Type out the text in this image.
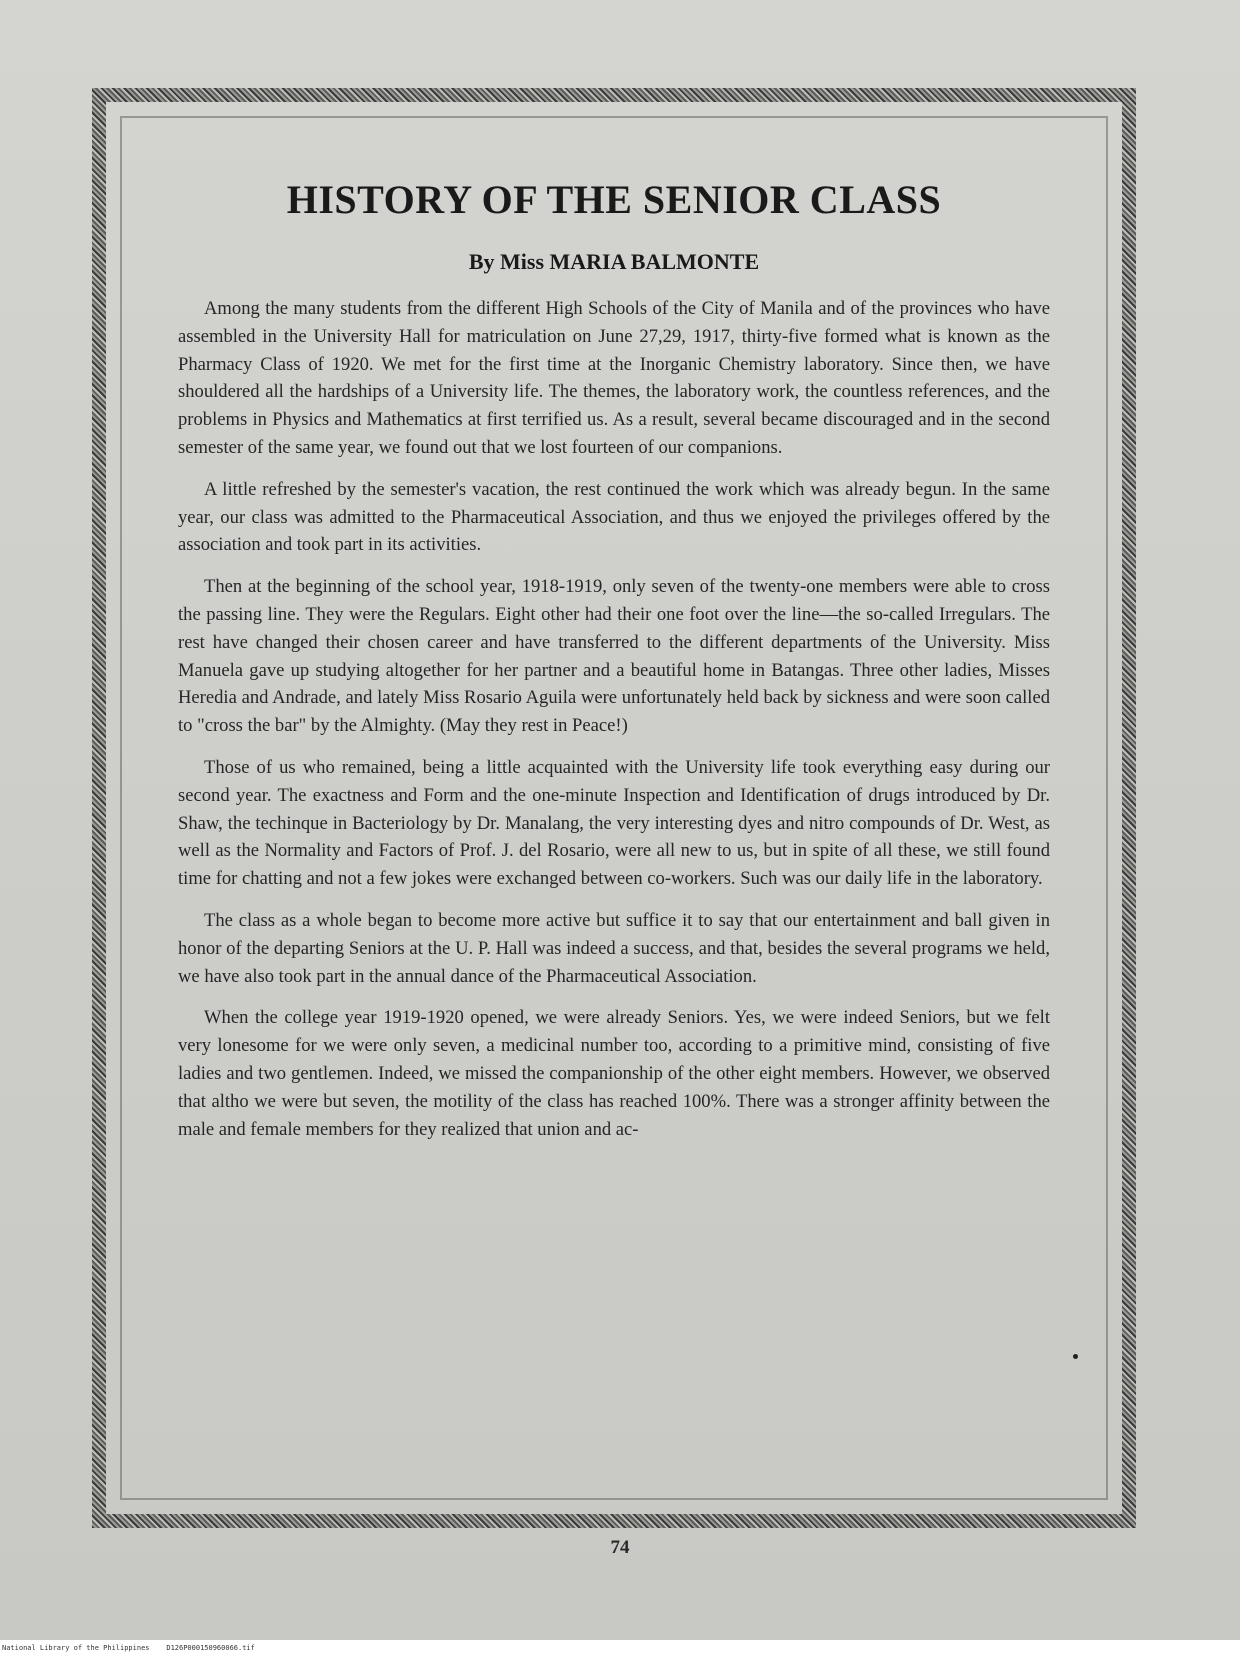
HISTORY OF THE SENIOR CLASS
By Miss MARIA BALMONTE

Among the many students from the different High Schools of the City of Manila and of the provinces who have assembled in the University Hall for matriculation on June 27,29, 1917, thirty-five formed what is known as the Pharmacy Class of 1920. We met for the first time at the Inorganic Chemistry laboratory. Since then, we have shouldered all the hardships of a University life. The themes, the laboratory work, the countless references, and the problems in Physics and Mathematics at first terrified us. As a result, several became discouraged and in the second semester of the same year, we found out that we lost fourteen of our companions.

A little refreshed by the semester's vacation, the rest continued the work which was already begun. In the same year, our class was admitted to the Pharmaceutical Association, and thus we enjoyed the privileges offered by the association and took part in its activities.

Then at the beginning of the school year, 1918-1919, only seven of the twenty-one members were able to cross the passing line. They were the Regulars. Eight other had their one foot over the line—the so-called Irregulars. The rest have changed their chosen career and have transferred to the different departments of the University. Miss Manuela gave up studying altogether for her partner and a beautiful home in Batangas. Three other ladies, Misses Heredia and Andrade, and lately Miss Rosario Aguila were unfortunately held back by sickness and were soon called to "cross the bar" by the Almighty. (May they rest in Peace!)

Those of us who remained, being a little acquainted with the University life took everything easy during our second year. The exactness and Form and the one-minute Inspection and Identification of drugs introduced by Dr. Shaw, the techinque in Bacteriology by Dr. Manalang, the very interesting dyes and nitro compounds of Dr. West, as well as the Normality and Factors of Prof. J. del Rosario, were all new to us, but in spite of all these, we still found time for chatting and not a few jokes were exchanged between co-workers. Such was our daily life in the laboratory.

The class as a whole began to become more active but suffice it to say that our entertainment and ball given in honor of the departing Seniors at the U. P. Hall was indeed a success, and that, besides the several programs we held, we have also took part in the annual dance of the Pharmaceutical Association.

When the college year 1919-1920 opened, we were already Seniors. Yes, we were indeed Seniors, but we felt very lonesome for we were only seven, a medicinal number too, according to a primitive mind, consisting of five ladies and two gentlemen. Indeed, we missed the companionship of the other eight members. However, we observed that altho we were but seven, the motility of the class has reached 100%. There was a stronger affinity between the male and female members for they realized that union and ac-

74
National Library of the Philippines    D126P000150960066.tif
